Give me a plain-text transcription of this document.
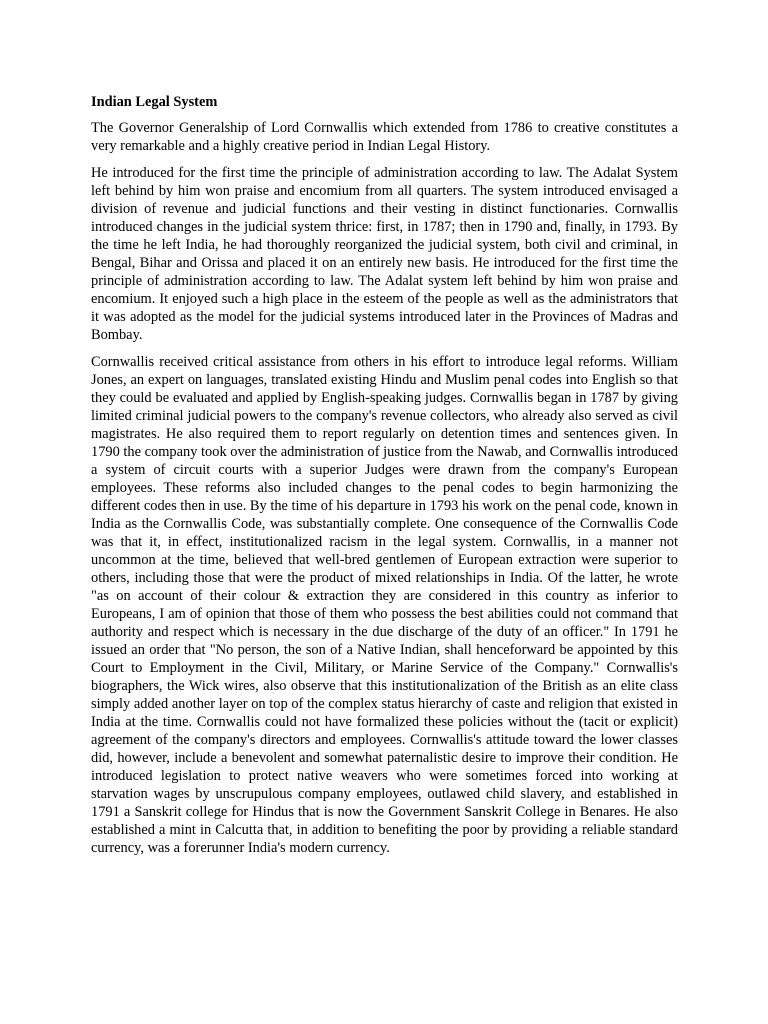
Indian Legal System

The Governor Generalship of Lord Cornwallis which extended from 1786 to creative constitutes a very remarkable and a highly creative period in Indian Legal History.

He introduced for the first time the principle of administration according to law. The Adalat System left behind by him won praise and encomium from all quarters. The system introduced envisaged a division of revenue and judicial functions and their vesting in distinct functionaries. Cornwallis introduced changes in the judicial system thrice: first, in 1787; then in 1790 and, finally, in 1793. By the time he left India, he had thoroughly reorganized the judicial system, both civil and criminal, in Bengal, Bihar and Orissa and placed it on an entirely new basis. He introduced for the first time the principle of administration according to law. The Adalat system left behind by him won praise and encomium. It enjoyed such a high place in the esteem of the people as well as the administrators that it was adopted as the model for the judicial systems introduced later in the Provinces of Madras and Bombay.

Cornwallis received critical assistance from others in his effort to introduce legal reforms. William Jones, an expert on languages, translated existing Hindu and Muslim penal codes into English so that they could be evaluated and applied by English-speaking judges. Cornwallis began in 1787 by giving limited criminal judicial powers to the company's revenue collectors, who already also served as civil magistrates. He also required them to report regularly on detention times and sentences given. In 1790 the company took over the administration of justice from the Nawab, and Cornwallis introduced a system of circuit courts with a superior Judges were drawn from the company's European employees. These reforms also included changes to the penal codes to begin harmonizing the different codes then in use. By the time of his departure in 1793 his work on the penal code, known in India as the Cornwallis Code, was substantially complete. One consequence of the Cornwallis Code was that it, in effect, institutionalized racism in the legal system. Cornwallis, in a manner not uncommon at the time, believed that well-bred gentlemen of European extraction were superior to others, including those that were the product of mixed relationships in India. Of the latter, he wrote "as on account of their colour & extraction they are considered in this country as inferior to Europeans, I am of opinion that those of them who possess the best abilities could not command that authority and respect which is necessary in the due discharge of the duty of an officer." In 1791 he issued an order that "No person, the son of a Native Indian, shall henceforward be appointed by this Court to Employment in the Civil, Military, or Marine Service of the Company." Cornwallis's biographers, the Wick wires, also observe that this institutionalization of the British as an elite class simply added another layer on top of the complex status hierarchy of caste and religion that existed in India at the time. Cornwallis could not have formalized these policies without the (tacit or explicit) agreement of the company's directors and employees. Cornwallis's attitude toward the lower classes did, however, include a benevolent and somewhat paternalistic desire to improve their condition. He introduced legislation to protect native weavers who were sometimes forced into working at starvation wages by unscrupulous company employees, outlawed child slavery, and established in 1791 a Sanskrit college for Hindus that is now the Government Sanskrit College in Benares. He also established a mint in Calcutta that, in addition to benefiting the poor by providing a reliable standard currency, was a forerunner India's modern currency.
